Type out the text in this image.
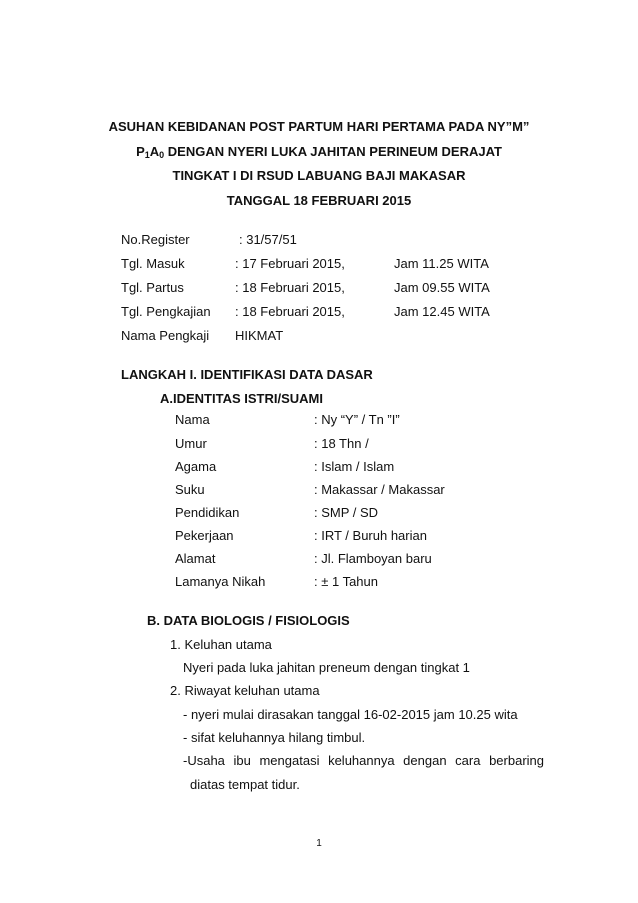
ASUHAN KEBIDANAN POST PARTUM HARI PERTAMA PADA NY”M”
$P_1A_0$ DENGAN NYERI LUKA JAHITAN PERINEUM DERAJAT
TINGKAT I DI RSUD LABUANG BAJI MAKASAR
TANGGAL 18 FEBRUARI 2015
No.Register	: 31/57/51
Tgl. Masuk	: 17 Februari 2015,	Jam 11.25 WITA
Tgl. Partus	: 18 Februari 2015,	Jam 09.55 WITA
Tgl. Pengkajian : 18 Februari 2015,	Jam 12.45 WITA
Nama Pengkaji HIKMAT
LANGKAH I. IDENTIFIKASI DATA DASAR
A.IDENTITAS ISTRI/SUAMI
Nama	: Ny “Y” / Tn ”I”
Umur	: 18 Thn /
Agama	: Islam / Islam
Suku	: Makassar / Makassar
Pendidikan	: SMP / SD
Pekerjaan	: IRT / Buruh harian
Alamat	: Jl. Flamboyan baru
Lamanya Nikah	: ± 1 Tahun
B. DATA BIOLOGIS / FISIOLOGIS
1. Keluhan utama
Nyeri pada luka jahitan preneum dengan tingkat 1
2. Riwayat keluhan utama
- nyeri mulai dirasakan tanggal 16-02-2015 jam 10.25 wita
- sifat keluhannya hilang timbul.
-Usaha ibu mengatasi keluhannya dengan cara berbaring
diatas tempat tidur.
1
